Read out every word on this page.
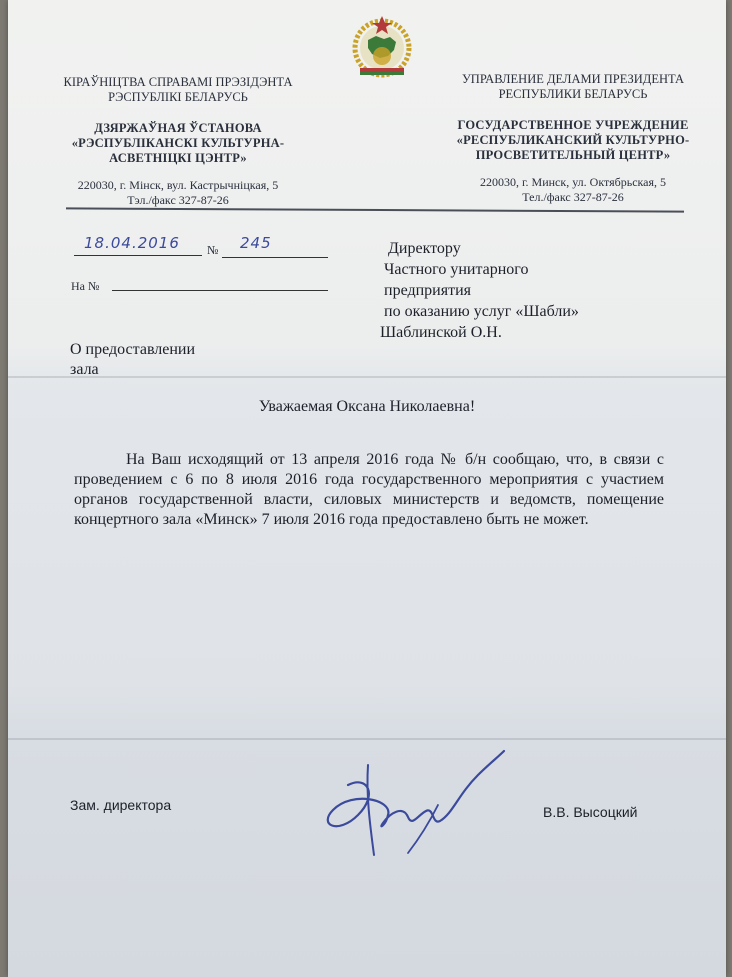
КІРАЎНІЦТВА СПРАВАМІ ПРЭЗІДЭНТА
РЭСПУБЛІКІ БЕЛАРУСЬ
ДЗЯРЖАЎНАЯ ЎСТАНОВА
«РЭСПУБЛІКАНСКІ КУЛЬТУРНА-
АСВЕТНІЦКІ ЦЭНТР»
220030, г. Мінск, вул. Кастрычніцкая, 5
Тэл./факс 327-87-26
УПРАВЛЕНИЕ ДЕЛАМИ ПРЕЗИДЕНТА
РЕСПУБЛИКИ БЕЛАРУСЬ
ГОСУДАРСТВЕННОЕ УЧРЕЖДЕНИЕ
«РЕСПУБЛИКАНСКИЙ КУЛЬТУРНО-
ПРОСВЕТИТЕЛЬНЫЙ ЦЕНТР»
220030, г. Минск, ул. Октябрьская, 5
Тел./факс 327-87-26
18.04.2016 № 245
На №
Директору
Частного унитарного
предприятия
по оказанию услуг «Шабли»
Шаблинской О.Н.
О предоставлении
зала
Уважаемая Оксана Николаевна!
На Ваш исходящий от 13 апреля 2016 года № б/н сообщаю, что, в связи с проведением с 6 по 8 июля 2016 года государственного мероприятия с участием органов государственной власти, силовых министерств и ведомств, помещение концертного зала «Минск» 7 июля 2016 года предоставлено быть не может.
Зам. директора	В.В. Высоцкий
